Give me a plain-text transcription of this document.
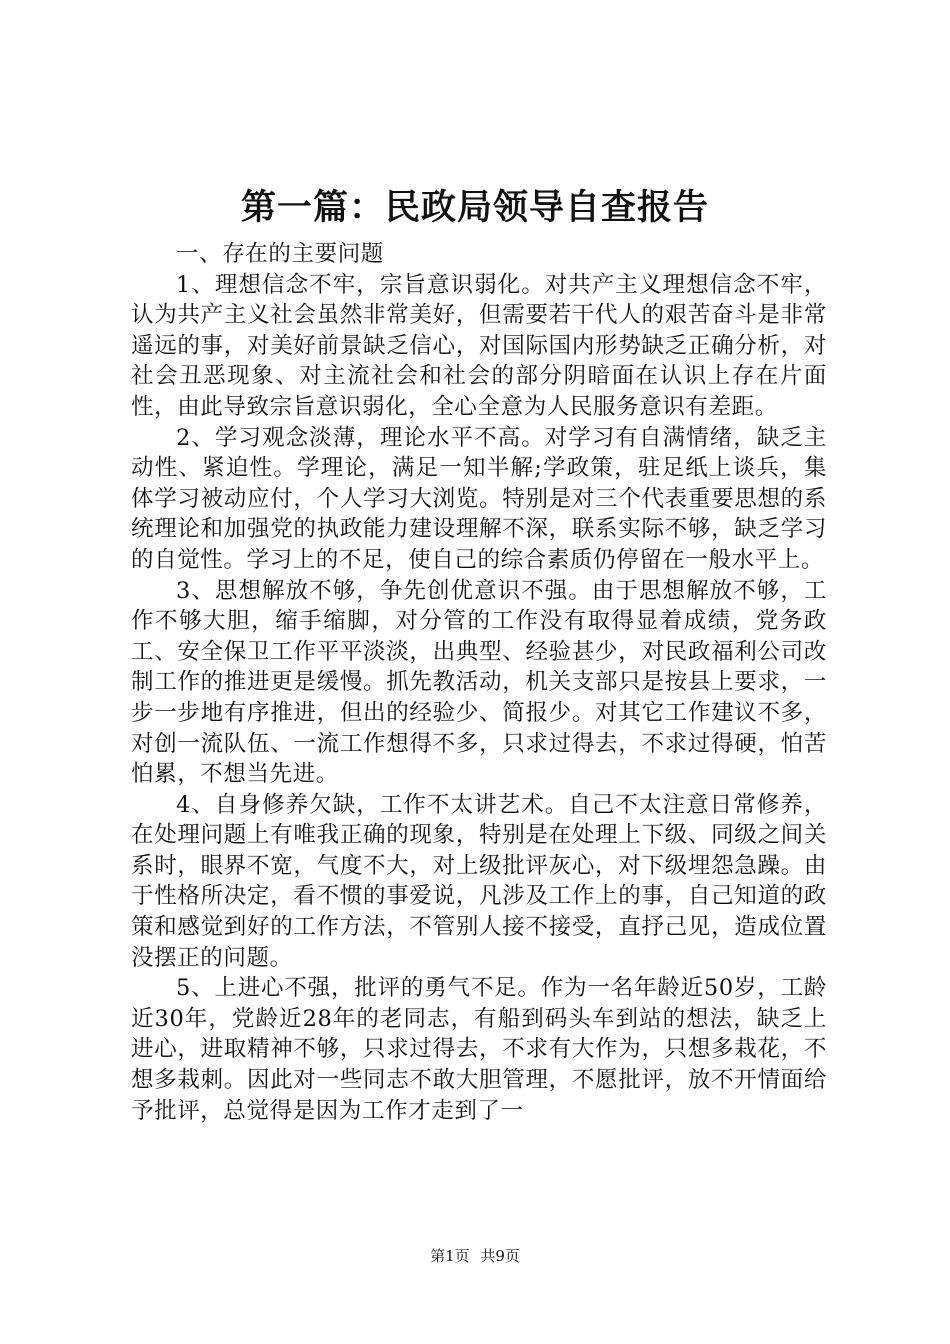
第一篇：民政局领导自查报告

一、存在的主要问题

1、理想信念不牢，宗旨意识弱化。对共产主义理想信念不牢，认为共产主义社会虽然非常美好，但需要若干代人的艰苦奋斗是非常遥远的事，对美好前景缺乏信心，对国际国内形势缺乏正确分析，对社会丑恶现象、对主流社会和社会的部分阴暗面在认识上存在片面性，由此导致宗旨意识弱化，全心全意为人民服务意识有差距。

2、学习观念淡薄，理论水平不高。对学习有自满情绪，缺乏主动性、紧迫性。学理论，满足一知半解;学政策，驻足纸上谈兵，集体学习被动应付，个人学习大浏览。特别是对三个代表重要思想的系统理论和加强党的执政能力建设理解不深，联系实际不够，缺乏学习的自觉性。学习上的不足，使自己的综合素质仍停留在一般水平上。

3、思想解放不够，争先创优意识不强。由于思想解放不够，工作不够大胆，缩手缩脚，对分管的工作没有取得显着成绩，党务政工、安全保卫工作平平淡淡，出典型、经验甚少，对民政福利公司改制工作的推进更是缓慢。抓先教活动，机关支部只是按县上要求，一步一步地有序推进，但出的经验少、简报少。对其它工作建议不多，对创一流队伍、一流工作想得不多，只求过得去，不求过得硬，怕苦怕累，不想当先进。

4、自身修养欠缺，工作不太讲艺术。自己不太注意日常修养，在处理问题上有唯我正确的现象，特别是在处理上下级、同级之间关系时，眼界不宽，气度不大，对上级批评灰心，对下级埋怨急躁。由于性格所决定，看不惯的事爱说，凡涉及工作上的事，自己知道的政策和感觉到好的工作方法，不管别人接不接受，直抒己见，造成位置没摆正的问题。

5、上进心不强，批评的勇气不足。作为一名年龄近50岁，工龄近30年，党龄近28年的老同志，有船到码头车到站的想法，缺乏上进心，进取精神不够，只求过得去，不求有大作为，只想多栽花，不想多栽刺。因此对一些同志不敢大胆管理，不愿批评，放不开情面给予批评，总觉得是因为工作才走到了一

第1页 共9页
